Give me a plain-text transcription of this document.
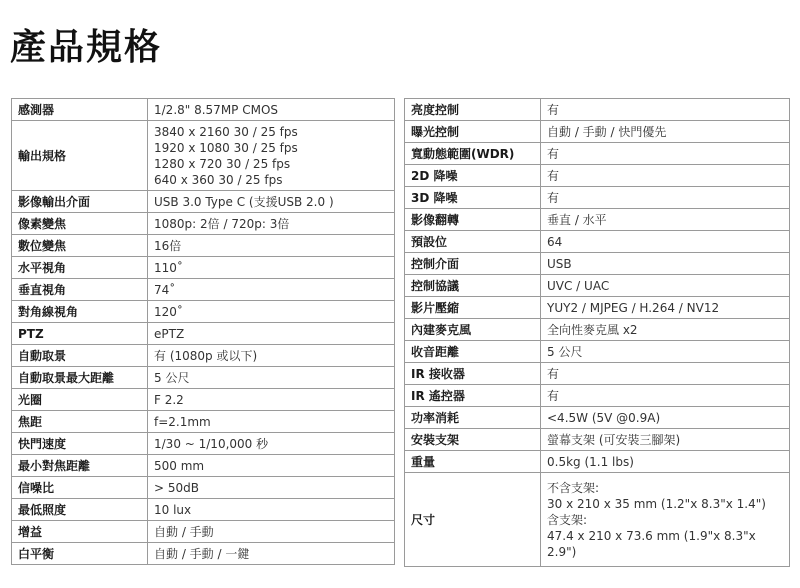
產品規格
感測器	1/2.8" 8.57MP CMOS

輸出規格	3840 x 2160 30 / 25 fps
1920 x 1080 30 / 25 fps
1280 x 720 30 / 25 fps
640 x 360 30 / 25 fps

影像輸出介面	USB 3.0 Type C (支援USB 2.0 )

像素變焦	1080p: 2倍 / 720p: 3倍

數位變焦	16倍

水平視角	110˚

垂直視角	74˚

對角線視角	120˚

PTZ	ePTZ

自動取景	有 (1080p 或以下)

自動取景最大距離	5 公尺

光圈	F 2.2

焦距	f=2.1mm

快門速度	1/30 ~ 1/10,000 秒

最小對焦距離	500 mm

信噪比	> 50dB

最低照度	10 lux

增益	自動 / 手動

白平衡	自動 / 手動 / 一鍵
亮度控制	有

曝光控制	自動 / 手動 / 快門優先

寬動態範圍(WDR)	有

2D 降噪	有

3D 降噪	有

影像翻轉	垂直 / 水平

預設位	64

控制介面	USB

控制協議	UVC / UAC

影片壓縮	YUY2 / MJPEG / H.264 / NV12

內建麥克風	全向性麥克風 x2

收音距離	5 公尺

IR 接收器	有

IR 遙控器	有

功率消耗	<4.5W (5V @0.9A)

安裝支架	螢幕支架 (可安裝三腳架)

重量	0.5kg (1.1 lbs)

尺寸	不含支架:
30 x 210 x 35 mm (1.2"x 8.3"x 1.4")
含支架:
47.4 x 210 x 73.6 mm (1.9"x 8.3"x 2.9")
